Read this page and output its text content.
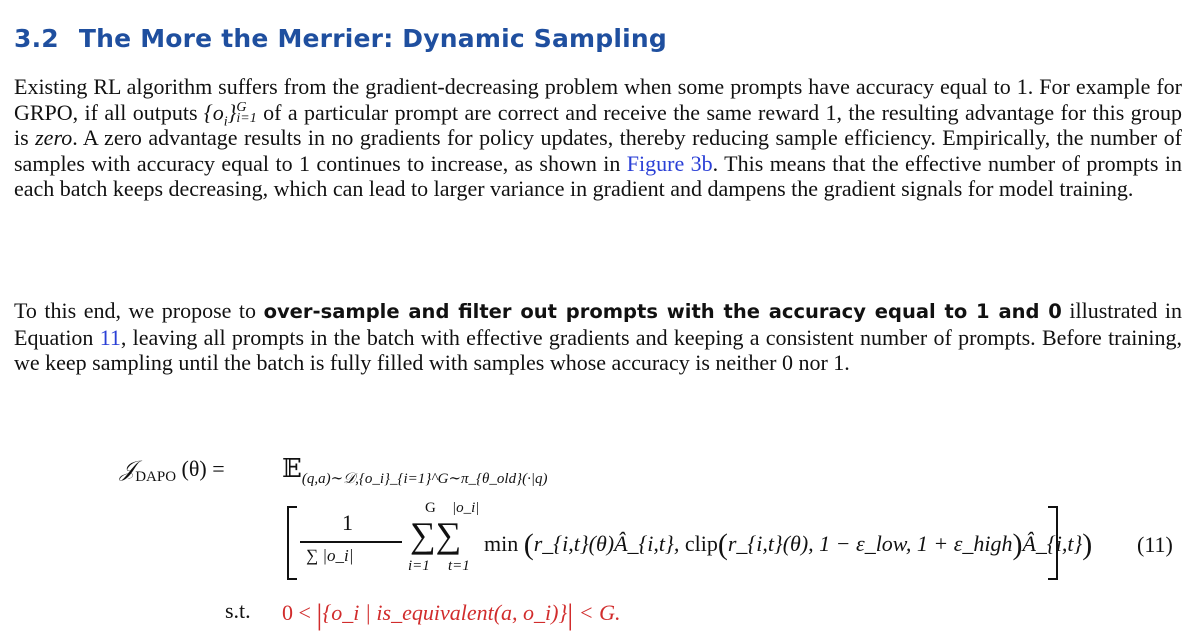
3.2 The More the Merrier: Dynamic Sampling

Existing RL algorithm suffers from the gradient-decreasing problem when some prompts have accuracy equal to 1. For example for GRPO, if all outputs $\{o_i\}$ G
i=1 of a particular prompt are correct and receive the same reward 1, the resulting advantage for this group is zero. A zero advantage results in no gradients for policy updates, thereby reducing sample efficiency. Empirically, the number of samples with accuracy equal to 1 continues to increase, as shown in Figure 3b. This means that the effective number of prompts in each batch keeps decreasing, which can lead to larger variance in gradient and dampens the gradient signals for model training.

To this end, we propose to over-sample and filter out prompts with the accuracy equal to 1 and 0 illustrated in Equation 11, leaving all prompts in the batch with effective gradients and keeping a consistent number of prompts. Before training, we keep sampling until the batch is fully filled with samples whose accuracy is neither 0 nor 1.

𝒥$_{DAPO}$ (θ) = 𝔼$_{(q,a)\sim 𝒟,\{o\_i\}\_\{i=1\}\^{}G\sim\pi\_\{\theta\_old\}(\cdot|q)}$
1
∑ |o_i|
G |o_i|
∑∑
i=1 t=1
min (r_{i,t}(θ)Â_{i,t}, clip(r_{i,t}(θ), 1 − ε_low, 1 + ε_high)Â_{i,t}) (11)
s.t. 0 < |{o_i | is_equivalent(a, o_i)}| < G.
